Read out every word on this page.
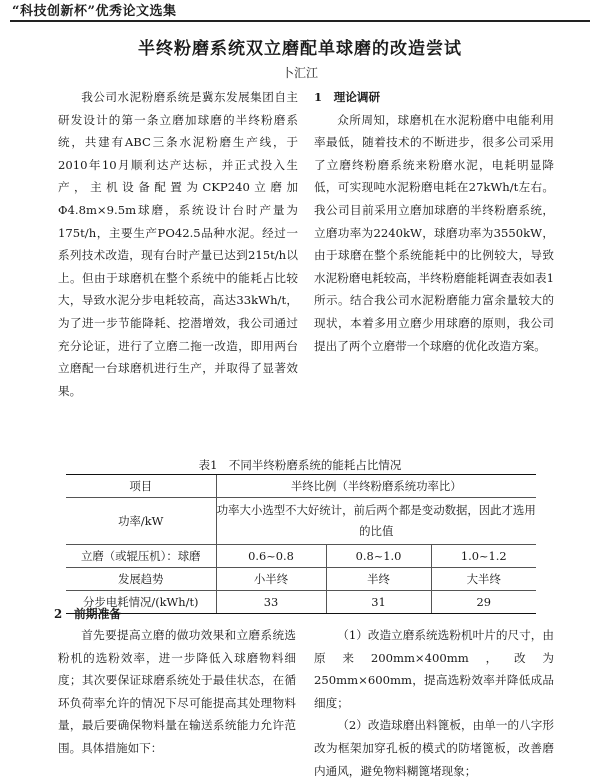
“科技创新杯”优秀论文选集
半终粉磨系统双立磨配单球磨的改造尝试
卜汇江

我公司水泥粉磨系统是冀东发展集团自主研发设计的第一条立磨加球磨的半终粉磨系统，共建有ABC三条水泥粉磨生产线，于2010年10月顺利达产达标，并正式投入生产，主机设备配置为CKP240立磨加Φ4.8m×9.5m球磨，系统设计台时产量为175t/h，主要生产PO42.5品种水泥。经过一系列技术改造，现有台时产量已达到215t/h以上。但由于球磨机在整个系统中的能耗占比较大，导致水泥分步电耗较高，高达33kWh/t，为了进一步节能降耗、挖潜增效，我公司通过充分论证，进行了立磨二拖一改造，即用两台立磨配一台球磨机进行生产，并取得了显著效果。

1　理论调研

众所周知，球磨机在水泥粉磨中电能利用率最低，随着技术的不断进步，很多公司采用了立磨终粉磨系统来粉磨水泥，电耗明显降低，可实现吨水泥粉磨电耗在27kWh/t左右。我公司目前采用立磨加球磨的半终粉磨系统，立磨功率为2240kW，球磨功率为3550kW，由于球磨在整个系统能耗中的比例较大，导致水泥粉磨电耗较高，半终粉磨能耗调查表如表1所示。结合我公司水泥粉磨能力富余量较大的现状，本着多用立磨少用球磨的原则，我公司提出了两个立磨带一个球磨的优化改造方案。

表1　不同半终粉磨系统的能耗占比情况
项目	半终比例（半终粉磨系统功率比）		
功率/kW	功率大小选型不大好统计，前后两个都是变动数据，因此才选用的比值		
立磨（或辊压机）：球磨	0.6~0.8	0.8~1.0	1.0~1.2
发展趋势	小半终	半终	大半终
分步电耗情况/(kWh/t)	33	31	29
2　前期准备

首先要提高立磨的做功效果和立磨系统选粉机的选粉效率，进一步降低入球磨物料细度；其次要保证球磨系统处于最佳状态，在循环负荷率允许的情况下尽可能提高其处理物料量，最后要确保物料量在输送系统能力允许范围。具体措施如下：

（1）改造立磨系统选粉机叶片的尺寸，由原来200mm×400mm，改为250mm×600mm，提高选粉效率并降低成品细度；

（2）改造球磨出料篦板，由单一的八字形改为框架加穿孔板的模式的防堵篦板，改善磨内通风，避免物料糊篦堵现象；
